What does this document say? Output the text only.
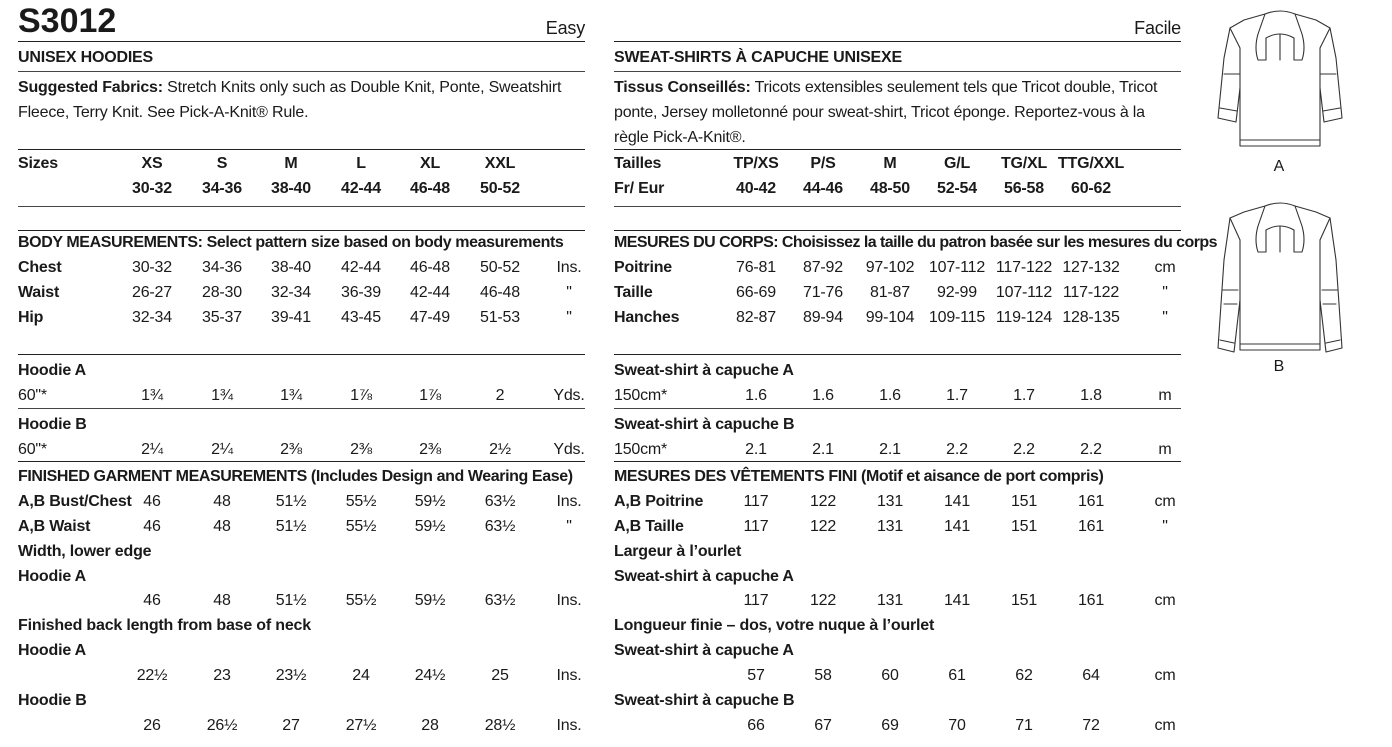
S3012	Easy
UNISEX HOODIES
Suggested Fabrics: Stretch Knits only such as Double Knit, Ponte, Sweatshirt Fleece, Terry Knit. See Pick-A-Knit® Rule.
Sizes	XS	S	M	L	XL	XXL
30-32	34-36	38-40	42-44	46-48	50-52
BODY MEASUREMENTS: Select pattern size based on body measurements
Chest	30-32	34-36	38-40	42-44	46-48	50-52	Ins.
Waist	26-27	28-30	32-34	36-39	42-44	46-48	"
Hip	32-34	35-37	39-41	43-45	47-49	51-53	"
Hoodie A
60"*	1¾	1¾	1¾	1⅞	1⅞	2	Yds.
Hoodie B
60"*	2¼	2¼	2⅜	2⅜	2⅜	2½	Yds.
FINISHED GARMENT MEASUREMENTS (Includes Design and Wearing Ease)
A,B Bust/Chest 46	48	51½	55½	59½	63½	Ins.
A,B Waist	46	48	51½	55½	59½	63½	"
Width, lower edge
Hoodie A
46	48	51½	55½	59½	63½	Ins.
Finished back length from base of neck
Hoodie A
22½	23	23½	24	24½	25	Ins.
Hoodie B
26	26½	27	27½	28	28½	Ins.
Facile
SWEAT-SHIRTS À CAPUCHE UNISEXE
Tissus Conseillés: Tricots extensibles seulement tels que Tricot double, Tricot ponte, Jersey molletonné pour sweat-shirt, Tricot éponge. Reportez-vous à la règle Pick-A-Knit®.
Tailles
Fr/ Eur
TP/XS	P/S	M	G/L	TG/XL TTG/XXL
40-42	44-46	48-50	52-54	56-58	60-62
MESURES DU CORPS: Choisissez la taille du patron basée sur les mesures du corps
Poitrine	76-81	87-92	97-102 107-112 117-122 127-132	cm
Taille	66-69	71-76	81-87	92-99	107-112 117-122	"
Hanches	82-87	89-94	99-104 109-115 119-124 128-135	"
Sweat-shirt à capuche A
150cm*	1.6	1.6	1.6	1.7	1.7	1.8	m
Sweat-shirt à capuche B
150cm*	2.1	2.1	2.1	2.2	2.2	2.2	m
MESURES DES VÊTEMENTS FINI (Motif et aisance de port compris)
A,B Poitrine	117	122	131	141	151	161	cm
A,B Taille	117	122	131	141	151	161	"
Largeur à l’ourlet
Sweat-shirt à capuche A
117	122	131	141	151	161	cm
Longueur finie – dos, votre nuque à l’ourlet
Sweat-shirt à capuche A
57	58	60	61	62	64	cm
Sweat-shirt à capuche B
66	67	69	70	71	72	cm
A
B
